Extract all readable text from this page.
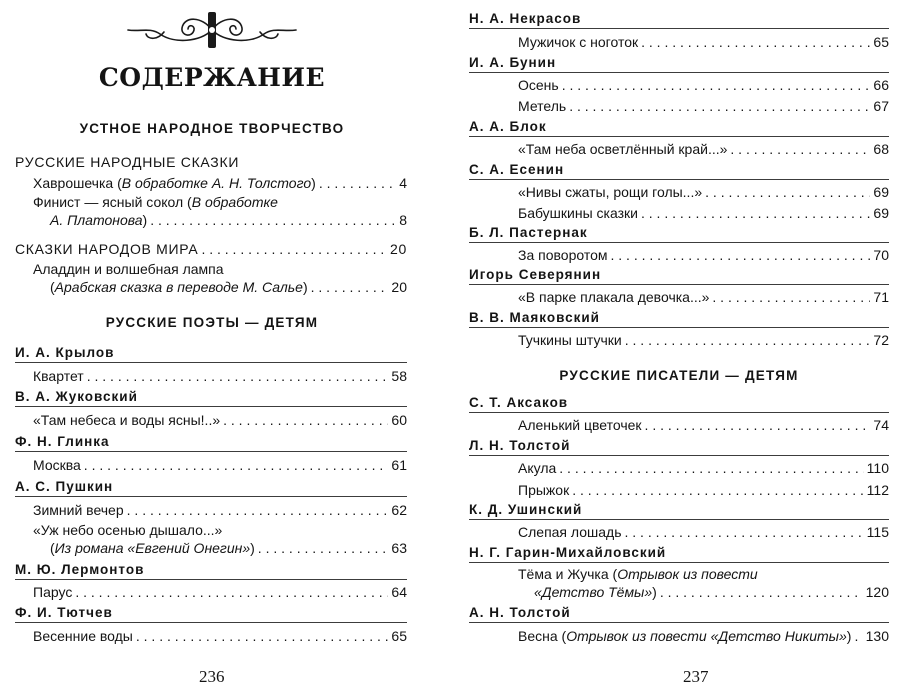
СОДЕРЖАНИЕ
УСТНОЕ НАРОДНОЕ ТВОРЧЕСТВО
РУССКИЕ НАРОДНЫЕ СКАЗКИ
Хаврошечка (В обработке А. Н. Толстого) . . .	4
Финист — ясный сокол (В обработке
А. Платонова) . . .	8
СКАЗКИ НАРОДОВ МИРА . . .	20
Аладдин и волшебная лампа
(Арабская сказка в переводе М. Салье) . . .	20
РУССКИЕ ПОЭТЫ — ДЕТЯМ
И. А. Крылов
Квартет . . .	58
В. А. Жуковский
«Там небеса и воды ясны!..» . . .	60
Ф. Н. Глинка
Москва . . .	61
А. С. Пушкин
Зимний вечер . . .	62
«Уж небо осенью дышало...»
(Из романа «Евгений Онегин») . . .	63
М. Ю. Лермонтов
Парус . . .	64
Ф. И. Тютчев
Весенние воды . . .	65
236
Н. А. Некрасов
Мужичок с ноготок . . .	65
И. А. Бунин
Осень . . .	66
Метель . . .	67
А. А. Блок
«Там неба осветлённый край...» . . .	68
С. А. Есенин
«Нивы сжаты, рощи голы...» . . .	69
Бабушкины сказки . . .	69
Б. Л. Пастернак
За поворотом . . .	70
Игорь Северянин
«В парке плакала девочка...» . . .	71
В. В. Маяковский
Тучкины штучки . . .	72
РУССКИЕ ПИСАТЕЛИ — ДЕТЯМ
С. Т. Аксаков
Аленький цветочек . . .	74
Л. Н. Толстой
Акула . . .	110
Прыжок . . .	112
К. Д. Ушинский
Слепая лошадь . . .	115
Н. Г. Гарин-Михайловский
Тёма и Жучка (Отрывок из повести
«Детство Тёмы») . . .	120
А. Н. Толстой
Весна (Отрывок из повести «Детство Никиты») . . . 130
237
